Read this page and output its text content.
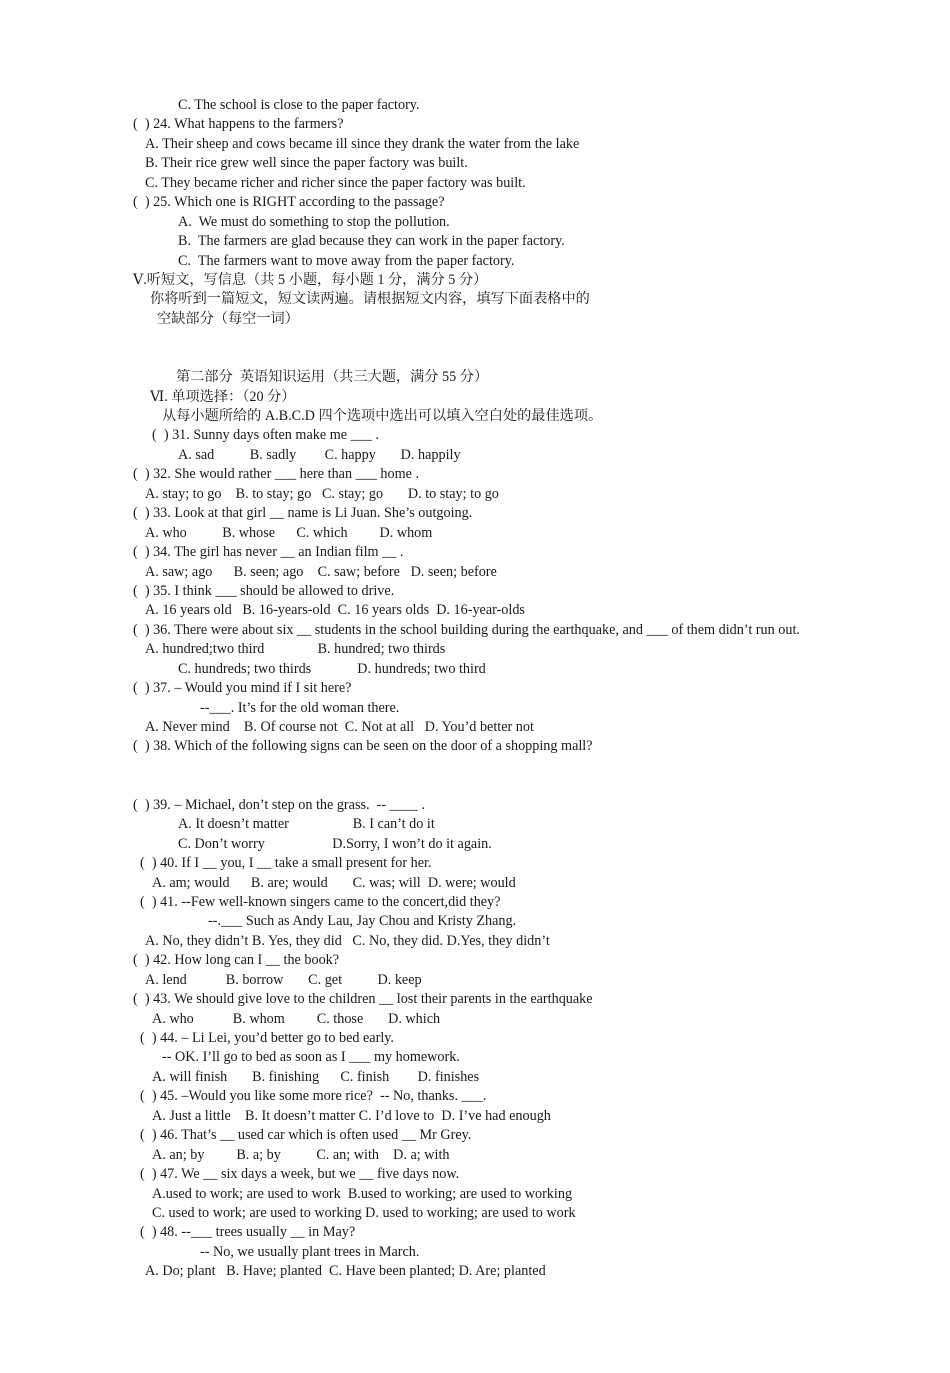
C. The school is close to the paper factory.
(  ) 24. What happens to the farmers?
A. Their sheep and cows became ill since they drank the water from the lake
B. Their rice grew well since the paper factory was built.
C. They became richer and richer since the paper factory was built.
(  ) 25. Which one is RIGHT according to the passage?
A.  We must do something to stop the pollution.
B.  The farmers are glad because they can work in the paper factory.
C.  The farmers want to move away from the paper factory.
Ⅴ.听短文，写信息（共 5 小题，每小题 1 分，满分 5 分）
你将听到一篇短文，短文读两遍。请根据短文内容，填写下面表格中的
空缺部分（每空一词）
第二部分  英语知识运用（共三大题，满分 55 分）
Ⅵ. 单项选择：（20 分）
从每小题所给的 A.B.C.D 四个选项中选出可以填入空白处的最佳选项。
(  ) 31. Sunny days often make me ___ .
A. sad          B. sadly        C. happy       D. happily
(  ) 32. She would rather ___ here than ___ home .
A. stay; to go    B. to stay; go   C. stay; go       D. to stay; to go
(  ) 33. Look at that girl __ name is Li Juan. She’s outgoing.
A. who          B. whose      C. which         D. whom
(  ) 34. The girl has never __ an Indian film __ .
A. saw; ago      B. seen; ago    C. saw; before   D. seen; before
(  ) 35. I think ___ should be allowed to drive.
A. 16 years old   B. 16-years-old  C. 16 years olds  D. 16-year-olds
(  ) 36. There were about six __ students in the school building during the earthquake, and ___ of them didn’t run out.
A. hundred;two third               B. hundred; two thirds
C. hundreds; two thirds             D. hundreds; two third
(  ) 37. – Would you mind if I sit here?
--___. It’s for the old woman there.
A. Never mind    B. Of course not  C. Not at all   D. You’d better not
(  ) 38. Which of the following signs can be seen on the door of a shopping mall?
(  ) 39. – Michael, don’t step on the grass.  -- ____ .
A. It doesn’t matter                  B. I can’t do it
C. Don’t worry                   D.Sorry, I won’t do it again.
(  ) 40. If I __ you, I __ take a small present for her.
A. am; would      B. are; would       C. was; will  D. were; would
(  ) 41. --Few well-known singers came to the concert,did they?
--.___ Such as Andy Lau, Jay Chou and Kristy Zhang.
A. No, they didn’t B. Yes, they did   C. No, they did. D.Yes, they didn’t
(  ) 42. How long can I __ the book?
A. lend           B. borrow       C. get          D. keep
(  ) 43. We should give love to the children __ lost their parents in the earthquake
A. who           B. whom         C. those       D. which
(  ) 44. – Li Lei, you’d better go to bed early.
-- OK. I’ll go to bed as soon as I ___ my homework.
A. will finish       B. finishing      C. finish        D. finishes
(  ) 45. –Would you like some more rice?  -- No, thanks. ___.
A. Just a little    B. It doesn’t matter C. I’d love to  D. I’ve had enough
(  ) 46. That’s __ used car which is often used __ Mr Grey.
A. an; by         B. a; by          C. an; with    D. a; with
(  ) 47. We __ six days a week, but we __ five days now.
A.used to work; are used to work  B.used to working; are used to working
C. used to work; are used to working D. used to working; are used to work
(  ) 48. --___ trees usually __ in May?
-- No, we usually plant trees in March.
A. Do; plant   B. Have; planted  C. Have been planted; D. Are; planted
